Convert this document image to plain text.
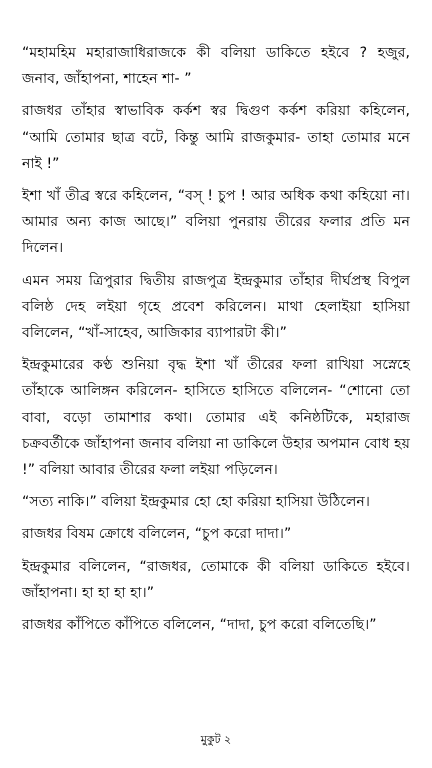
“মহামহিম মহারাজাধিরাজকে কী বলিয়া ডাকিতে হইবে ? হজুর, জনাব, জাঁহাপনা, শাহেন শা- ”

রাজধর তাঁহার স্বাভাবিক কর্কশ স্বর দ্বিগুণ কর্কশ করিয়া কহিলেন, “আমি তোমার ছাত্র বটে, কিন্তু আমি রাজকুমার- তাহা তোমার মনে নাই !”

ইশা খাঁ তীব্র স্বরে কহিলেন, “বস্ ! চুপ ! আর অধিক কথা কহিয়ো না। আমার অন্য কাজ আছে।” বলিয়া পুনরায় তীরের ফলার প্রতি মন দিলেন।

এমন সময় ত্রিপুরার দ্বিতীয় রাজপুত্র ইন্দ্রকুমার তাঁহার দীর্ঘপ্রস্থ বিপুল বলিষ্ঠ দেহ লইয়া গৃহে প্রবেশ করিলেন। মাথা হেলাইয়া হাসিয়া বলিলেন, “খাঁ-সাহেব, আজিকার ব্যাপারটা কী।”

ইন্দ্রকুমারের কণ্ঠ শুনিয়া বৃদ্ধ ইশা খাঁ তীরের ফলা রাখিয়া সস্নেহে তাঁহাকে আলিঙ্গন করিলেন- হাসিতে হাসিতে বলিলেন- “শোনো তো বাবা, বড়ো তামাশার কথা। তোমার এই কনিষ্ঠটিকে, মহারাজ চক্রবর্তীকে জাঁহাপনা জনাব বলিয়া না ডাকিলে উহার অপমান বোধ হয় !” বলিয়া আবার তীরের ফলা লইয়া পড়িলেন।

“সত্য নাকি।” বলিয়া ইন্দ্রকুমার হো হো করিয়া হাসিয়া উঠিলেন।

রাজধর বিষম ক্রোধে বলিলেন, “চুপ করো দাদা।”

ইন্দ্রকুমার বলিলেন, “রাজধর, তোমাকে কী বলিয়া ডাকিতে হইবে। জাঁহাপনা। হা হা হা হা।”

রাজধর কাঁপিতে কাঁপিতে বলিলেন, “দাদা, চুপ করো বলিতেছি।”

মুকুট ২
